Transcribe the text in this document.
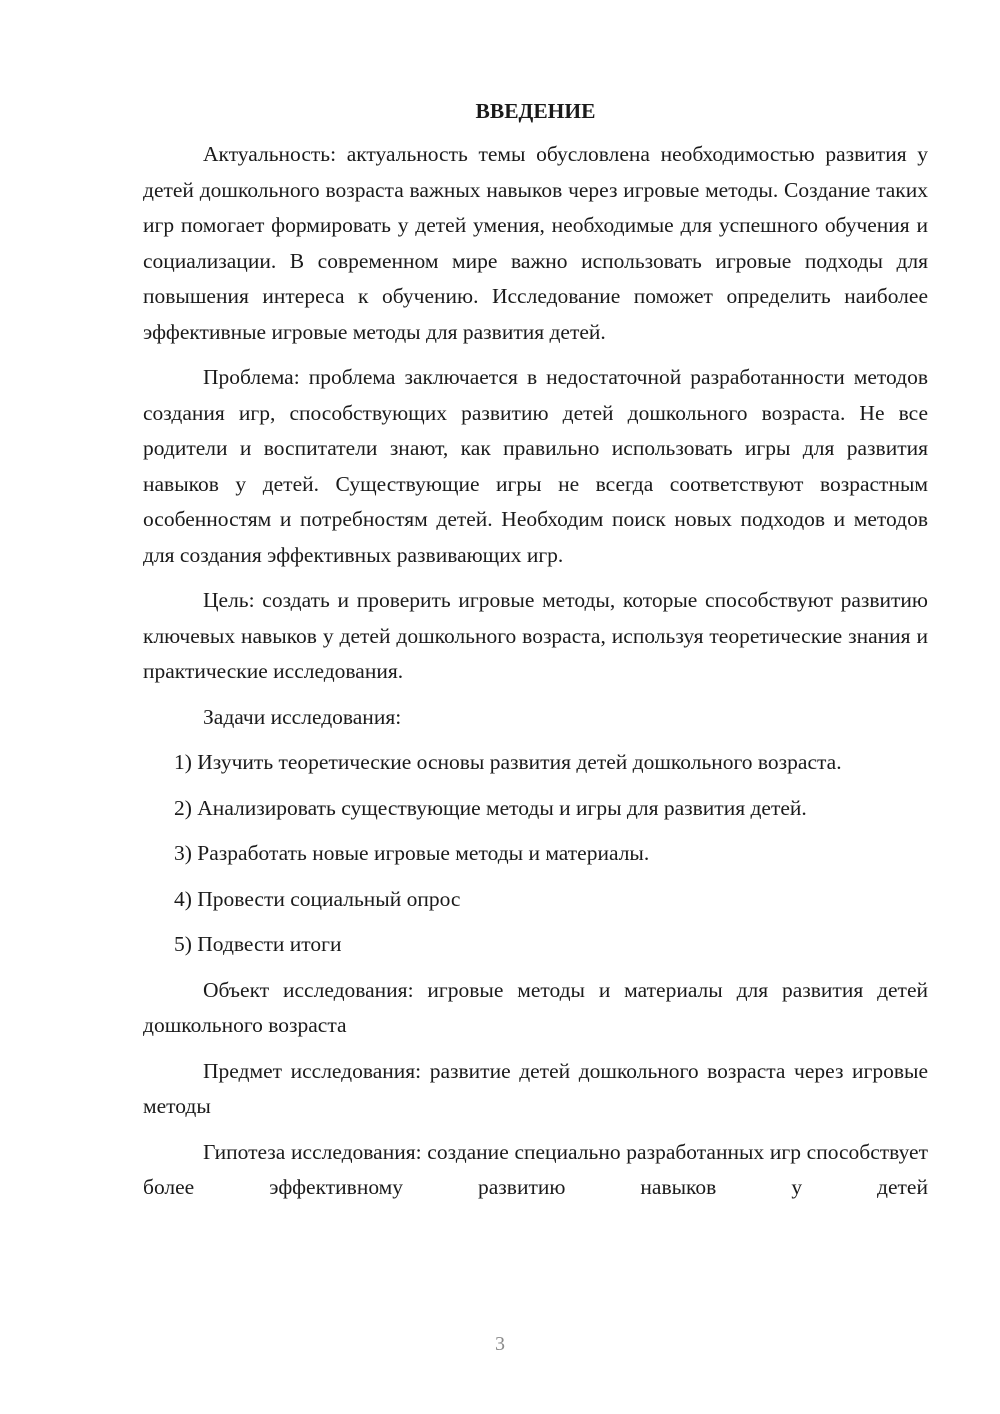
ВВЕДЕНИЕ

Актуальность: актуальность темы обусловлена необходимостью развития у детей дошкольного возраста важных навыков через игровые методы. Создание таких игр помогает формировать у детей умения, необходимые для успешного обучения и социализации. В современном мире важно использовать игровые подходы для повышения интереса к обучению. Исследование поможет определить наиболее эффективные игровые методы для развития детей.

Проблема: проблема заключается в недостаточной разработанности методов создания игр, способствующих развитию детей дошкольного возраста. Не все родители и воспитатели знают, как правильно использовать игры для развития навыков у детей. Существующие игры не всегда соответствуют возрастным особенностям и потребностям детей. Необходим поиск новых подходов и методов для создания эффективных развивающих игр.

Цель: создать и проверить игровые методы, которые способствуют развитию ключевых навыков у детей дошкольного возраста, используя теоретические знания и практические исследования.

Задачи исследования:

1) Изучить теоретические основы развития детей дошкольного возраста.

2) Анализировать существующие методы и игры для развития детей.

3) Разработать новые игровые методы и материалы.

4) Провести социальный опрос

5) Подвести итоги

Объект исследования: игровые методы и материалы для развития детей дошкольного возраста

Предмет исследования: развитие детей дошкольного возраста через игровые методы

Гипотеза исследования: создание специально разработанных игр способствует более эффективному развитию навыков у детей

3
